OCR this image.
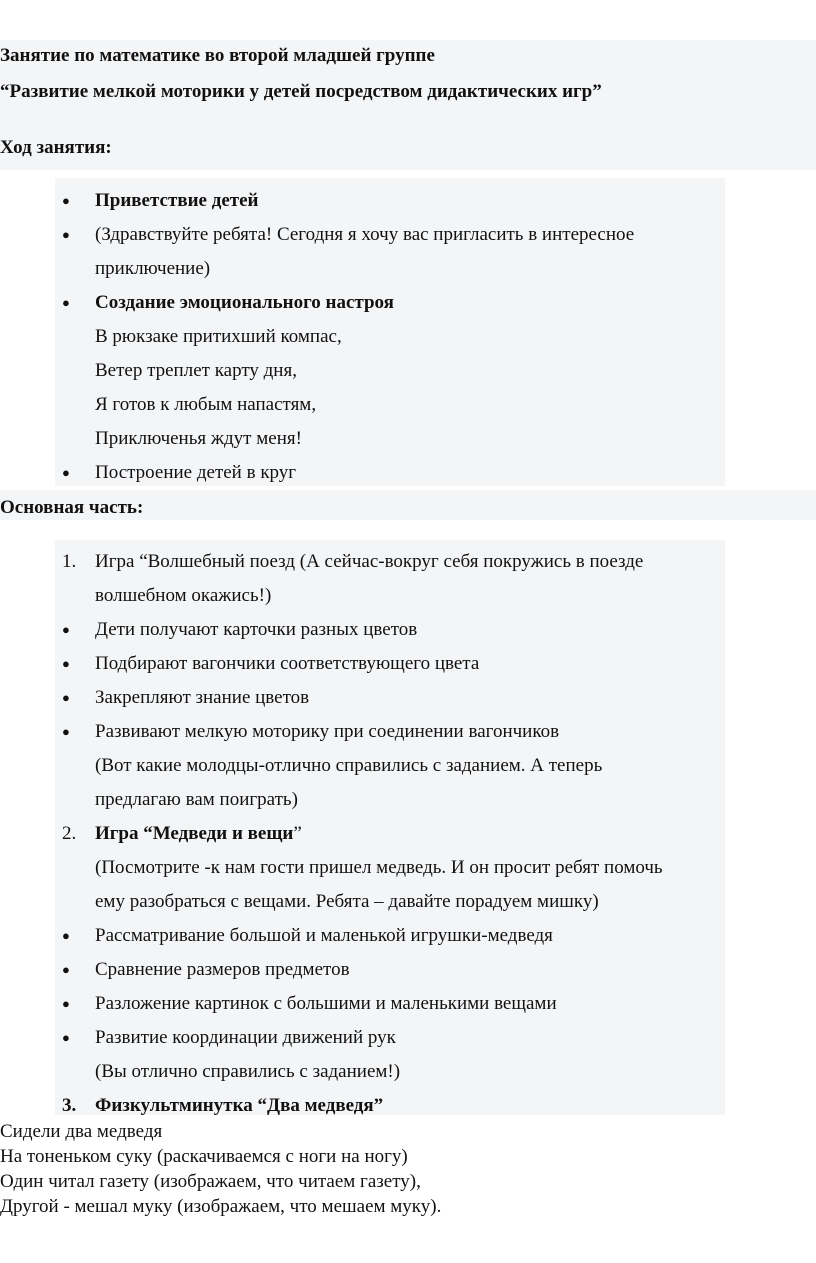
Занятие по математике во второй младшей группе
“Развитие мелкой моторики у детей посредством дидактических игр”
Ход занятия:
● Приветствие детей
● (Здравствуйте ребята! Сегодня я хочу вас пригласить в интересное
приключение)
● Создание эмоционального настроя
В рюкзаке притихший компас,
Ветер треплет карту дня,
Я готов к любым напастям,
Приключенья ждут меня!
● Построение детей в круг
Основная часть:
1. Игра “Волшебный поезд (А сейчас-вокруг себя покружись в поезде
волшебном окажись!)
● Дети получают карточки разных цветов
● Подбирают вагончики соответствующего цвета
● Закрепляют знание цветов
● Развивают мелкую моторику при соединении вагончиков
(Вот какие молодцы-отлично справились с заданием. А теперь
предлагаю вам поиграть)
2. Игра “Медведи и вещи”
(Посмотрите -к нам гости пришел медведь. И он просит ребят помочь
ему разобраться с вещами. Ребята – давайте порадуем мишку)
● Рассматривание большой и маленькой игрушки-медведя
● Сравнение размеров предметов
● Разложение картинок с большими и маленькими вещами
● Развитие координации движений рук
(Вы отлично справились с заданием!)
3. Физкультминутка “Два медведя”
Сидели два медведя
На тоненьком суку (раскачиваемся с ноги на ногу)
Один читал газету (изображаем, что читаем газету),
Другой - мешал муку (изображаем, что мешаем муку).
